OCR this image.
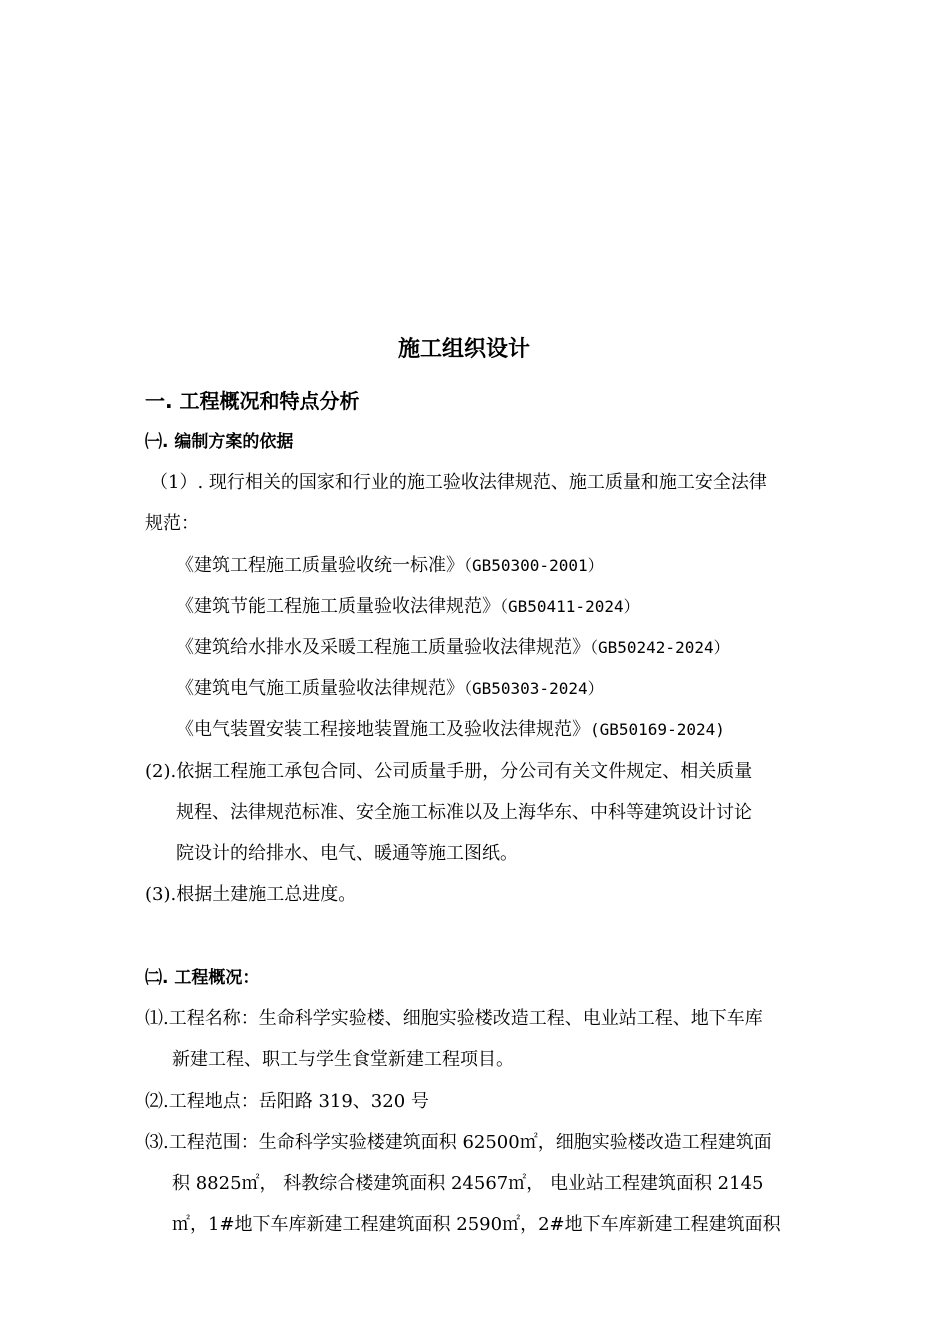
施工组织设计
一. 工程概况和特点分析
㈠. 编制方案的依据
（1）. 现行相关的国家和行业的施工验收法律规范、施工质量和施工安全法律
规范：
《建筑工程施工质量验收统一标准》（GB50300-2001）
《建筑节能工程施工质量验收法律规范》（GB50411-2024）
《建筑给水排水及采暖工程施工质量验收法律规范》（GB50242-2024）
《建筑电气施工质量验收法律规范》（GB50303-2024）
《电气装置安装工程接地装置施工及验收法律规范》(GB50169-2024)
(2).依据工程施工承包合同、公司质量手册，分公司有关文件规定、相关质量
规程、法律规范标准、安全施工标准以及上海华东、中科等建筑设计讨论
院设计的给排水、电气、暖通等施工图纸。
(3).根据土建施工总进度。
㈡. 工程概况：
⑴.工程名称：生命科学实验楼、细胞实验楼改造工程、电业站工程、地下车库
新建工程、职工与学生食堂新建工程项目。
⑵.工程地点：岳阳路 319、320 号
⑶.工程范围：生命科学实验楼建筑面积 62500㎡，细胞实验楼改造工程建筑面
积 8825㎡， 科教综合楼建筑面积 24567㎡， 电业站工程建筑面积 2145
㎡，1#地下车库新建工程建筑面积 2590㎡，2#地下车库新建工程建筑面积
